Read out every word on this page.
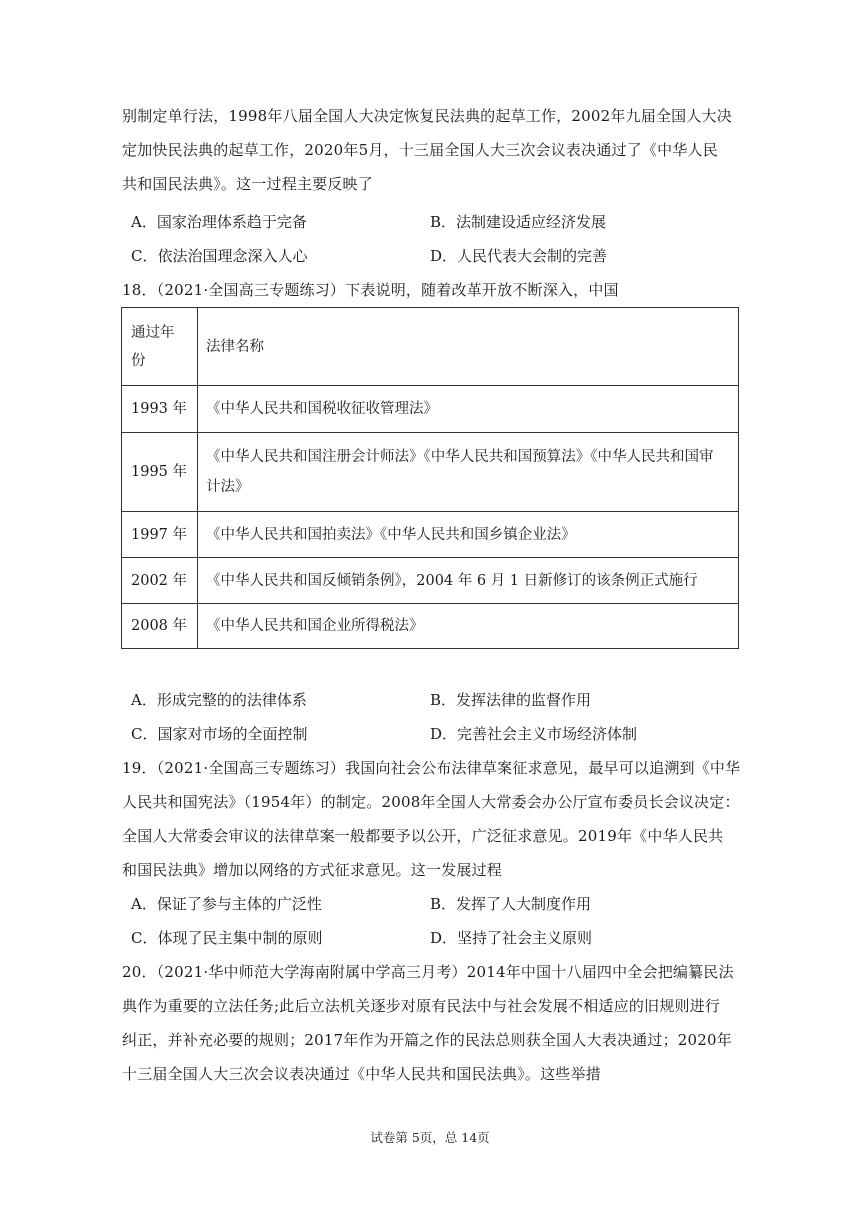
别制定单行法，1998年八届全国人大决定恢复民法典的起草工作，2002年九届全国人大决
定加快民法典的起草工作，2020年5月，十三届全国人大三次会议表决通过了《中华人民
共和国民法典》。这一过程主要反映了
A．国家治理体系趋于完备	B．法制建设适应经济发展
C．依法治国理念深入人心	D．人民代表大会制的完善
18．（2021·全国高三专题练习）下表说明，随着改革开放不断深入，中国
通过年
份	法律名称
1993 年	《中华人民共和国税收征收管理法》
1995 年	《中华人民共和国注册会计师法》《中华人民共和国预算法》《中华人民共和国审
计法》

1997 年	《中华人民共和国拍卖法》《中华人民共和国乡镇企业法》
2002 年	《中华人民共和国反倾销条例》，2004 年 6 月 1 日新修订的该条例正式施行
2008 年	《中华人民共和国企业所得税法》
A．形成完整的的法律体系	B．发挥法律的监督作用
C．国家对市场的全面控制	D．完善社会主义市场经济体制
19．（2021·全国高三专题练习）我国向社会公布法律草案征求意见，最早可以追溯到《中华
人民共和国宪法》（1954年）的制定。2008年全国人大常委会办公厅宣布委员长会议决定：
全国人大常委会审议的法律草案一般都要予以公开，广泛征求意见。2019年《中华人民共
和国民法典》增加以网络的方式征求意见。这一发展过程
A．保证了参与主体的广泛性	B．发挥了人大制度作用
C．体现了民主集中制的原则	D．坚持了社会主义原则
20．（2021·华中师范大学海南附属中学高三月考）2014年中国十八届四中全会把编纂民法
典作为重要的立法任务;此后立法机关逐步对原有民法中与社会发展不相适应的旧规则进行
纠正，并补充必要的规则；2017年作为开篇之作的民法总则获全国人大表决通过；2020年
十三届全国人大三次会议表决通过《中华人民共和国民法典》。这些举措
试卷第 5页，总 14页
